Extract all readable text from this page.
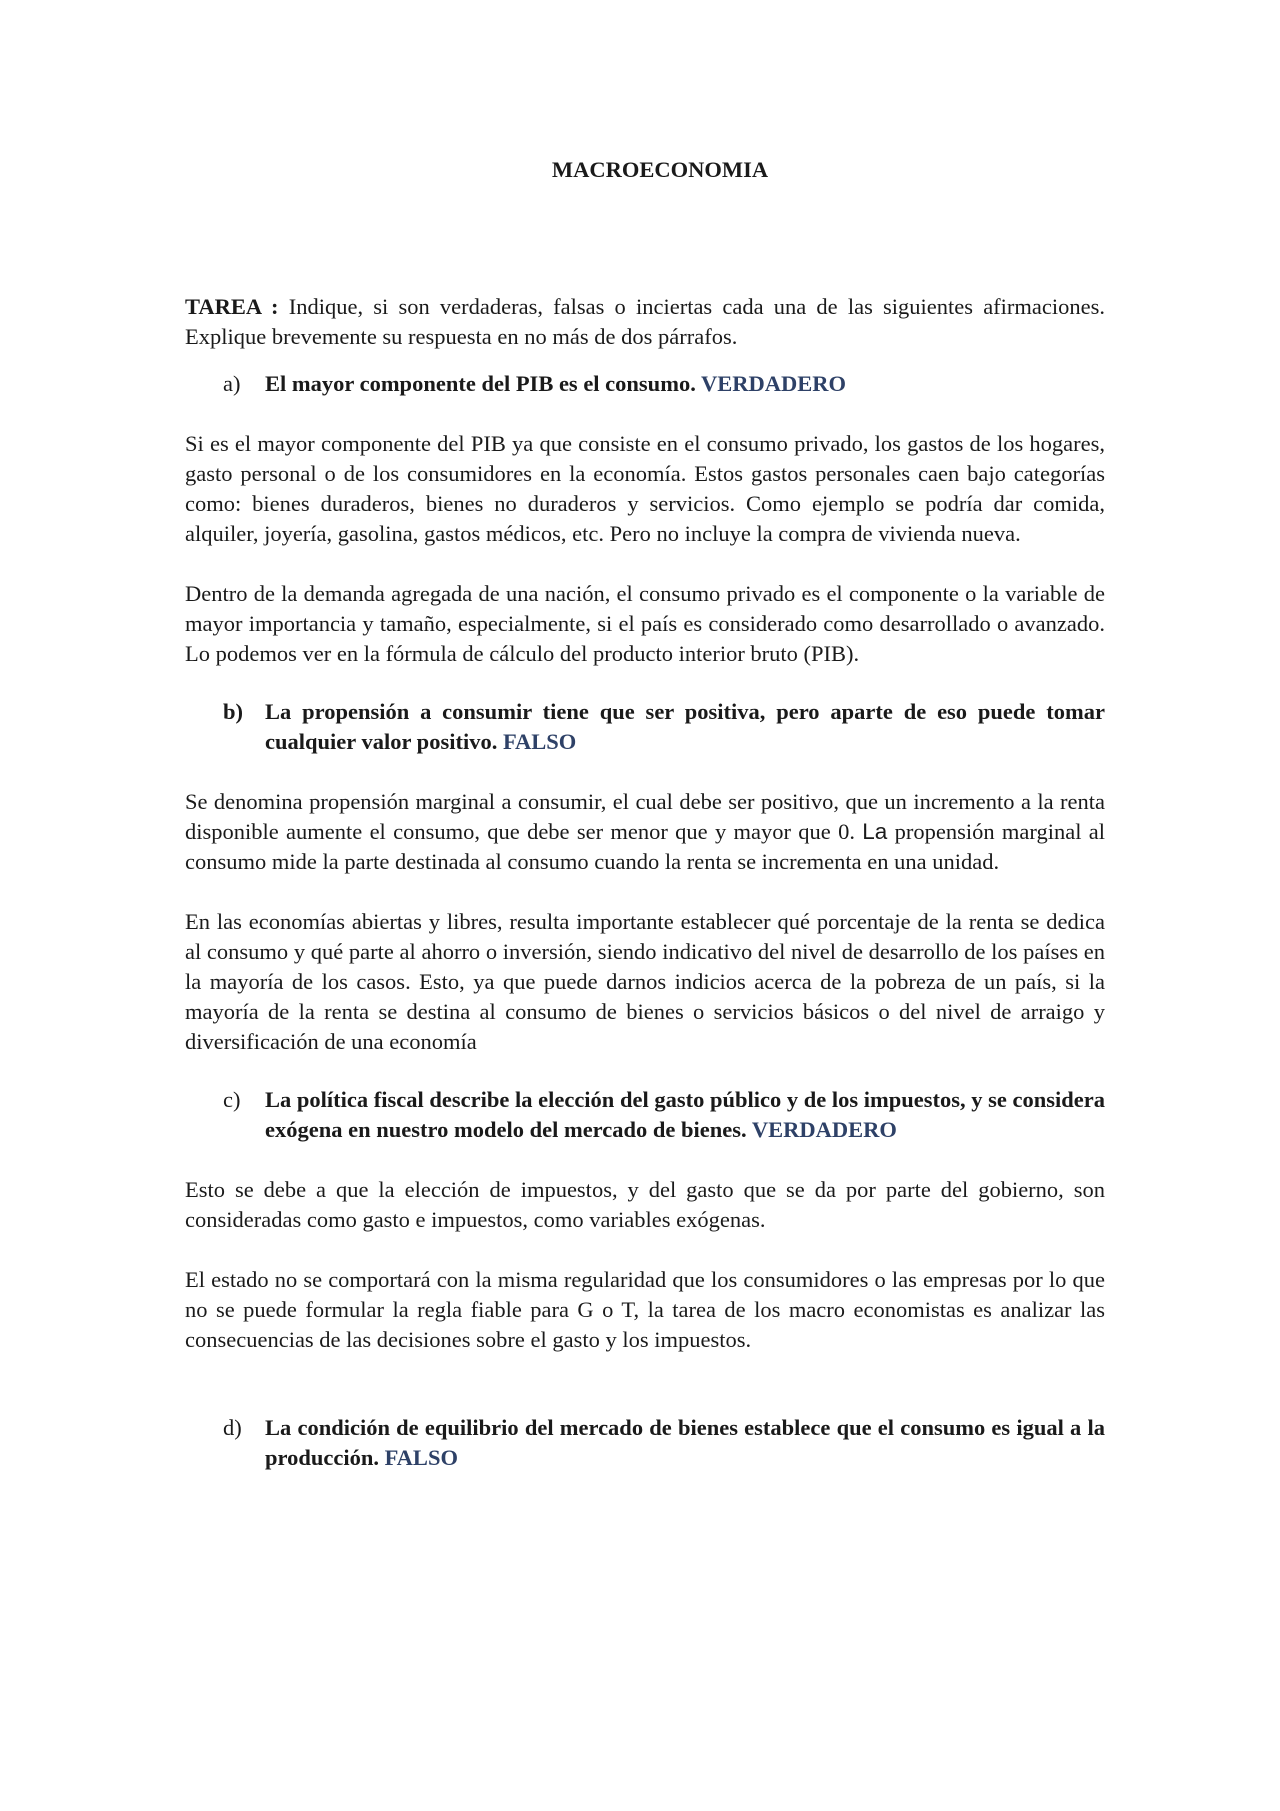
MACROECONOMIA

TAREA : Indique, si son verdaderas, falsas o inciertas cada una de las siguientes afirmaciones. Explique brevemente su respuesta en no más de dos párrafos.

a)	El mayor componente del PIB es el consumo. VERDADERO

Si es el mayor componente del PIB ya que consiste en el consumo privado, los gastos de los hogares, gasto personal o de los consumidores en la economía. Estos gastos personales caen bajo categorías como: bienes duraderos, bienes no duraderos y servicios. Como ejemplo se podría dar comida, alquiler, joyería, gasolina, gastos médicos, etc. Pero no incluye la compra de vivienda nueva.

Dentro de la demanda agregada de una nación, el consumo privado es el componente o la variable de mayor importancia y tamaño, especialmente, si el país es considerado como desarrollado o avanzado. Lo podemos ver en la fórmula de cálculo del producto interior bruto (PIB).

b) La propensión a consumir tiene que ser positiva, pero aparte de eso puede tomar cualquier valor positivo. FALSO

Se denomina propensión marginal a consumir, el cual debe ser positivo, que un incremento a la renta disponible aumente el consumo, que debe ser menor que y mayor que 0. La propensión marginal al consumo mide la parte destinada al consumo cuando la renta se incrementa en una unidad.

En las economías abiertas y libres, resulta importante establecer qué porcentaje de la renta se dedica al consumo y qué parte al ahorro o inversión, siendo indicativo del nivel de desarrollo de los países en la mayoría de los casos. Esto, ya que puede darnos indicios acerca de la pobreza de un país, si la mayoría de la renta se destina al consumo de bienes o servicios básicos o del nivel de arraigo y diversificación de una economía

c)	La política fiscal describe la elección del gasto público y de los impuestos, y se considera exógena en nuestro modelo del mercado de bienes. VERDADERO

Esto se debe a que la elección de impuestos, y del gasto que se da por parte del gobierno, son consideradas como gasto e impuestos, como variables exógenas.

El estado no se comportará con la misma regularidad que los consumidores o las empresas por lo que no se puede formular la regla fiable para G o T, la tarea de los macro economistas es analizar las consecuencias de las decisiones sobre el gasto y los impuestos.

d)	La condición de equilibrio del mercado de bienes establece que el consumo es igual a la producción. FALSO
